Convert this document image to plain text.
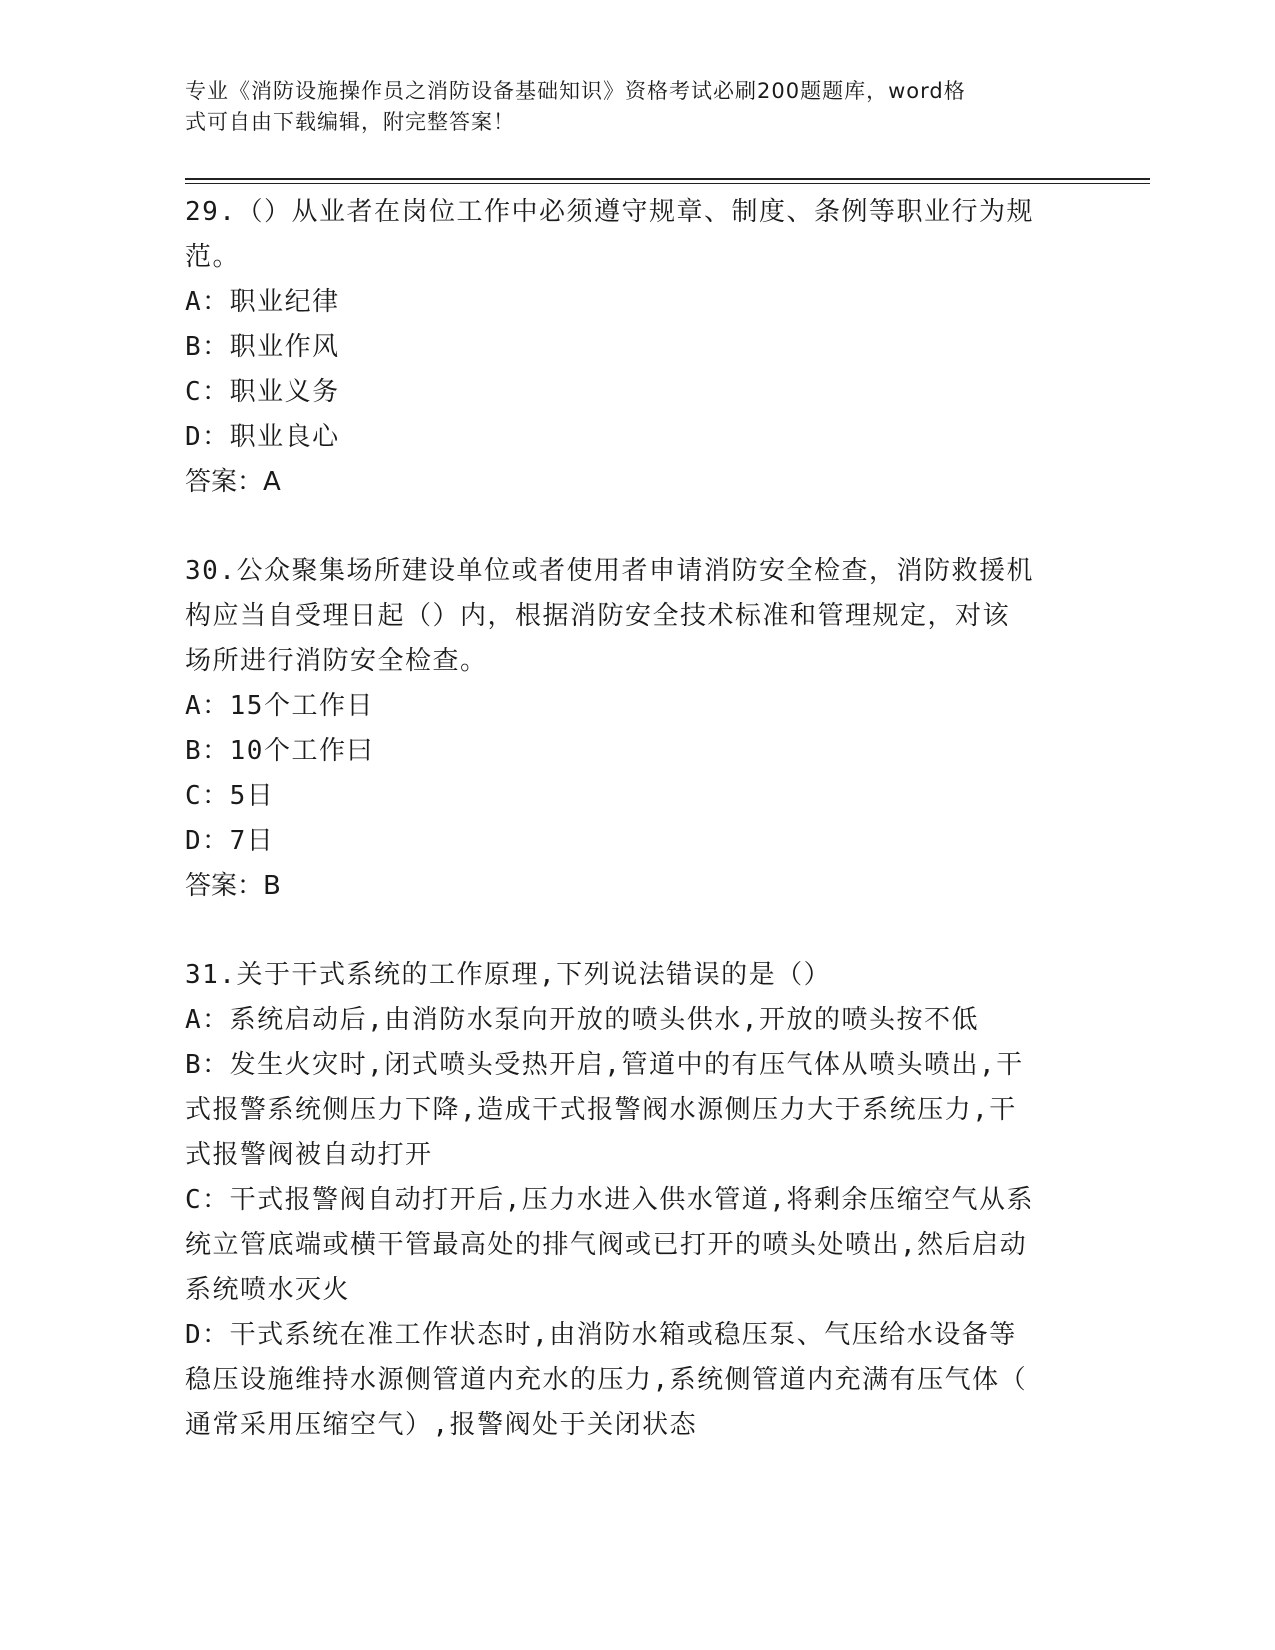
专业《消防设施操作员之消防设备基础知识》资格考试必刷200题题库，word格
式可自由下载编辑，附完整答案！
29.（）从业者在岗位工作中必须遵守规章、制度、条例等职业行为规
范。
A：职业纪律
B：职业作风
C：职业义务
D：职业良心
答案：A
30.公众聚集场所建设单位或者使用者申请消防安全检查，消防救援机
构应当自受理日起（）内，根据消防安全技术标准和管理规定，对该
场所进行消防安全检查。
A：15个工作日
B：10个工作曰
C：5日
D：7日
答案：B
31.关于干式系统的工作原理,下列说法错误的是（）
A：系统启动后,由消防水泵向开放的喷头供水,开放的喷头按不低
B：发生火灾时,闭式喷头受热开启,管道中的有压气体从喷头喷出,干
式报警系统侧压力下降,造成干式报警阀水源侧压力大于系统压力,干
式报警阀被自动打开
C：干式报警阀自动打开后,压力水进入供水管道,将剩余压缩空气从系
统立管底端或横干管最高处的排气阀或已打开的喷头处喷出,然后启动
系统喷水灭火
D：干式系统在准工作状态时,由消防水箱或稳压泵、气压给水设备等
稳压设施维持水源侧管道内充水的压力,系统侧管道内充满有压气体（
通常采用压缩空气）,报警阀处于关闭状态
